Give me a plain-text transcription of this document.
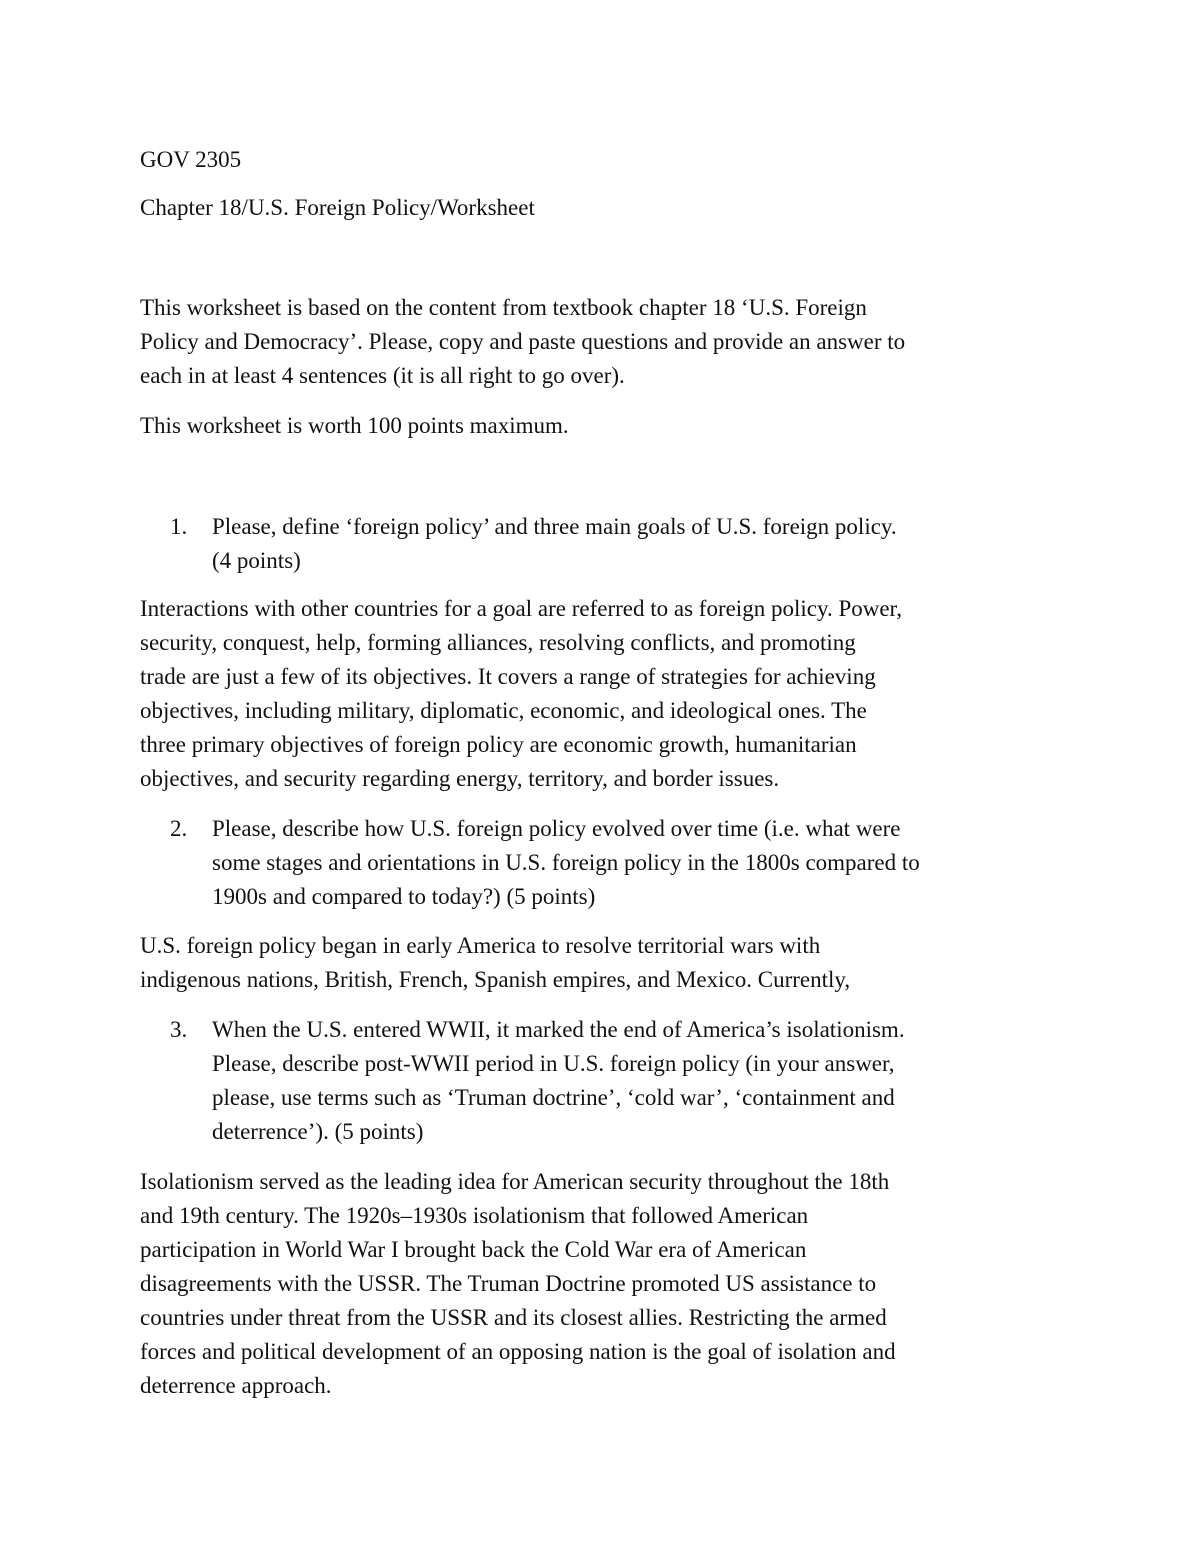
GOV 2305

Chapter 18/U.S. Foreign Policy/Worksheet

This worksheet is based on the content from textbook chapter 18 ‘U.S. Foreign

Policy and Democracy’. Please, copy and paste questions and provide an answer to

each in at least 4 sentences (it is all right to go over).

This worksheet is worth 100 points maximum.

1. Please, define ‘foreign policy’ and three main goals of U.S. foreign policy.

(4 points)

Interactions with other countries for a goal are referred to as foreign policy. Power,

security, conquest, help, forming alliances, resolving conflicts, and promoting

trade are just a few of its objectives. It covers a range of strategies for achieving

objectives, including military, diplomatic, economic, and ideological ones. The

three primary objectives of foreign policy are economic growth, humanitarian

objectives, and security regarding energy, territory, and border issues.

2. Please, describe how U.S. foreign policy evolved over time (i.e. what were

some stages and orientations in U.S. foreign policy in the 1800s compared to

1900s and compared to today?) (5 points)

U.S. foreign policy began in early America to resolve territorial wars with

indigenous nations, British, French, Spanish empires, and Mexico. Currently,

3. When the U.S. entered WWII, it marked the end of America’s isolationism.

Please, describe post-WWII period in U.S. foreign policy (in your answer,

please, use terms such as ‘Truman doctrine’, ‘cold war’, ‘containment and

deterrence’). (5 points)

Isolationism served as the leading idea for American security throughout the 18th

and 19th century. The 1920s–1930s isolationism that followed American

participation in World War I brought back the Cold War era of American

disagreements with the USSR. The Truman Doctrine promoted US assistance to

countries under threat from the USSR and its closest allies. Restricting the armed

forces and political development of an opposing nation is the goal of isolation and

deterrence approach.
